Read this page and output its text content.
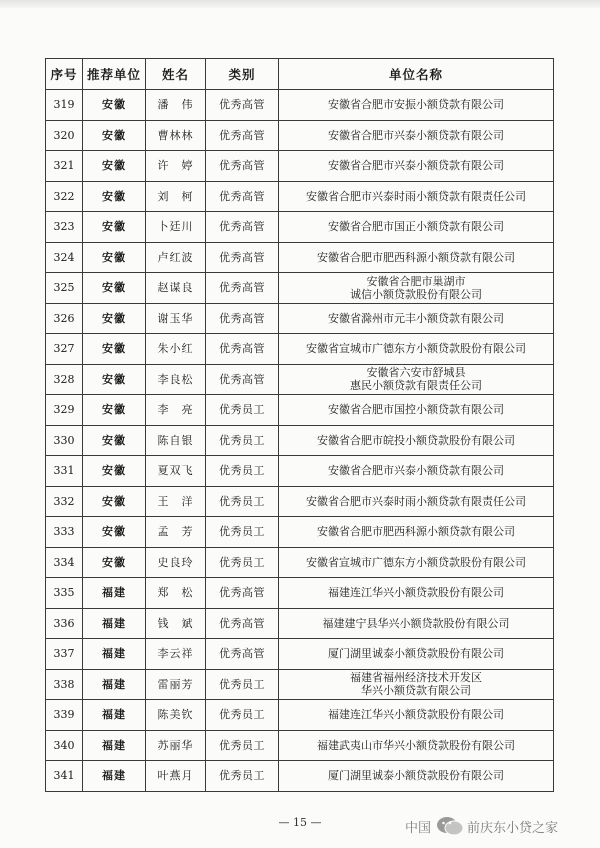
序号	推荐单位	姓名	类别	单位名称
319	安徽	潘　伟	优秀高管	安徽省合肥市安振小额贷款有限公司

320	安徽	曹林林	优秀高管	安徽省合肥市兴泰小额贷款有限公司

321	安徽	许　婷	优秀高管	安徽省合肥市兴泰小额贷款有限公司

322	安徽	刘　柯	优秀高管	安徽省合肥市兴泰时雨小额贷款有限责任公司

323	安徽	卜廷川	优秀高管	安徽省合肥市国正小额贷款有限公司

324	安徽	卢红波	优秀高管	安徽省合肥市肥西科源小额贷款有限公司

325	安徽	赵谋良	优秀高管	安徽省合肥市巢湖市
诚信小额贷款股份有限公司

326	安徽	谢玉华	优秀高管	安徽省滁州市元丰小额贷款有限公司

327	安徽	朱小红	优秀高管	安徽省宣城市广德东方小额贷款股份有限公司

328	安徽	李良松	优秀高管	安徽省六安市舒城县
惠民小额贷款有限责任公司

329	安徽	李　亮	优秀员工	安徽省合肥市国控小额贷款有限公司

330	安徽	陈自银	优秀员工	安徽省合肥市皖投小额贷款股份有限公司

331	安徽	夏双飞	优秀员工	安徽省合肥市兴泰小额贷款有限公司

332	安徽	王　洋	优秀员工	安徽省合肥市兴泰时雨小额贷款有限责任公司

333	安徽	孟　芳	优秀员工	安徽省合肥市肥西科源小额贷款有限公司

334	安徽	史良玲	优秀员工	安徽省宣城市广德东方小额贷款股份有限公司

335	福建	郑　松	优秀高管	福建连江华兴小额贷款股份有限公司

336	福建	钱　斌	优秀高管	福建建宁县华兴小额贷款股份有限公司

337	福建	李云祥	优秀高管	厦门湖里诚泰小额贷款股份有限公司

338	福建	雷丽芳	优秀员工	福建省福州经济技术开发区
华兴小额贷款有限公司

339	福建	陈美钦	优秀员工	福建连江华兴小额贷款股份有限公司

340	福建	苏丽华	优秀员工	福建武夷山市华兴小额贷款股份有限公司

341	福建	叶燕月	优秀员工	厦门湖里诚泰小额贷款股份有限公司
— 15 —	中国	前庆东小贷之家
